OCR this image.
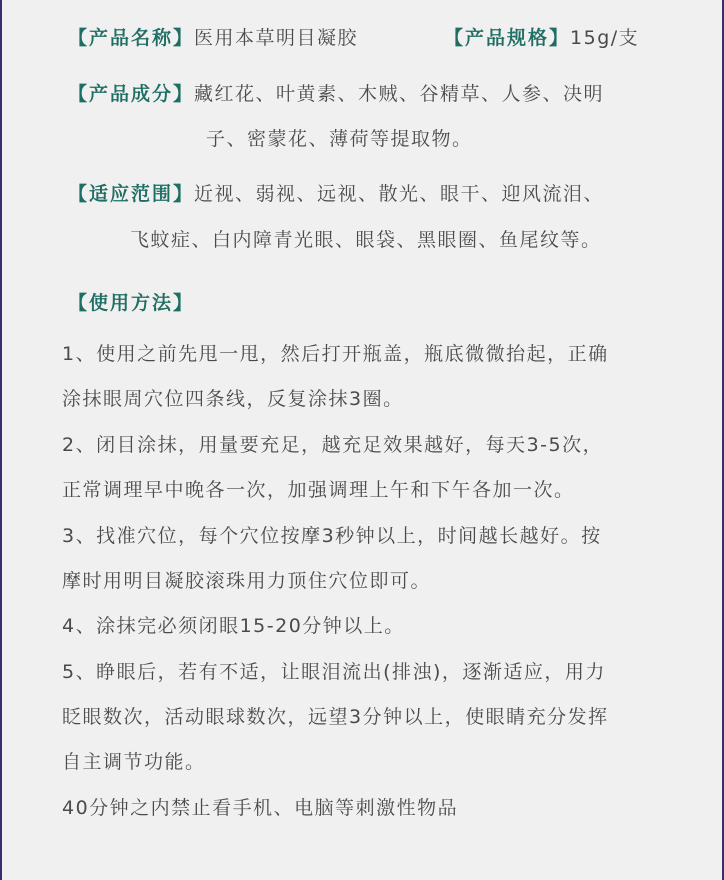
【产品名称】医用本草明目凝胶	【产品规格】15g/支
【产品成分】藏红花、叶黄素、木贼、谷精草、人参、决明
子、密蒙花、薄荷等提取物。
【适应范围】近视、弱视、远视、散光、眼干、迎风流泪、
飞蚊症、白内障青光眼、眼袋、黑眼圈、鱼尾纹等。
【使用方法】
1、使用之前先甩一甩，然后打开瓶盖，瓶底微微抬起，正确
涂抹眼周穴位四条线，反复涂抹3圈。
2、闭目涂抹，用量要充足，越充足效果越好，每天3-5次，
正常调理早中晚各一次，加强调理上午和下午各加一次。
3、找准穴位，每个穴位按摩3秒钟以上，时间越长越好。按
摩时用明目凝胶滚珠用力顶住穴位即可。
4、涂抹完必须闭眼15-20分钟以上。
5、睁眼后，若有不适，让眼泪流出(排浊)，逐渐适应，用力
眨眼数次，活动眼球数次，远望3分钟以上，使眼睛充分发挥
自主调节功能。
40分钟之内禁止看手机、电脑等刺激性物品
